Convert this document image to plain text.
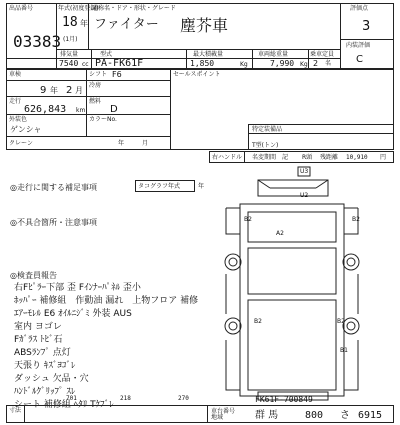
出品番号
03383
年式(初度登録)
18 年
(1月)
通称名・ドア・形状・グレード
ファイター 塵芥車
評価点
3
内装評価
C
排気量	型式	最大積載量	車両総重量	乗車定員
7540 cc PA-FK61F	1,850	Kg	7,990 Kg 2 名
車検	シフト F6
9 年 2 月
冷房
走行
626,843 km
燃料
D
外装色
ゲンシャ
カラーNo.
クレーン	年　　　月
セールスポイント
特定装備品
T型(トン)
右ハンドル 名変期間 記 R頭 残距離 10,910 円
◎走行に関する補足事項	タコグラフ年式	年
◎不具合箇所・注意事項
◎検査員報告
右Fﾋﾟﾗｰ下部 歪 Fｲﾝﾅｰﾊﾟﾈﾙ 歪小
ﾎｯﾊﾟｰ 補修組　作動油 漏れ　上物フロア 補修
ｴｱｰﾓﾚﾙ E6 ｵｲﾙﾆｼﾞﾐ 外装 AUS
室内 ヨゴレ
Fｶﾞﾗｽ ﾄﾋﾞ石
ABSﾗﾝﾌﾟ 点灯
天張り ｷｽﾞﾖｺﾞﾚ
ダッシュ 欠品・穴
ﾊﾝﾄﾞﾙｸﾞﾘｯﾌﾟ ｽﾚ
シート 補修組 ﾍﾀﾘ Tｹﾌﾞﾚ
U3
U2
B2	B2
A2
B2	B2
B1
寸法
701	218	270
車台番号
FK61F-700849
地域	群 馬	800 さ 6915
